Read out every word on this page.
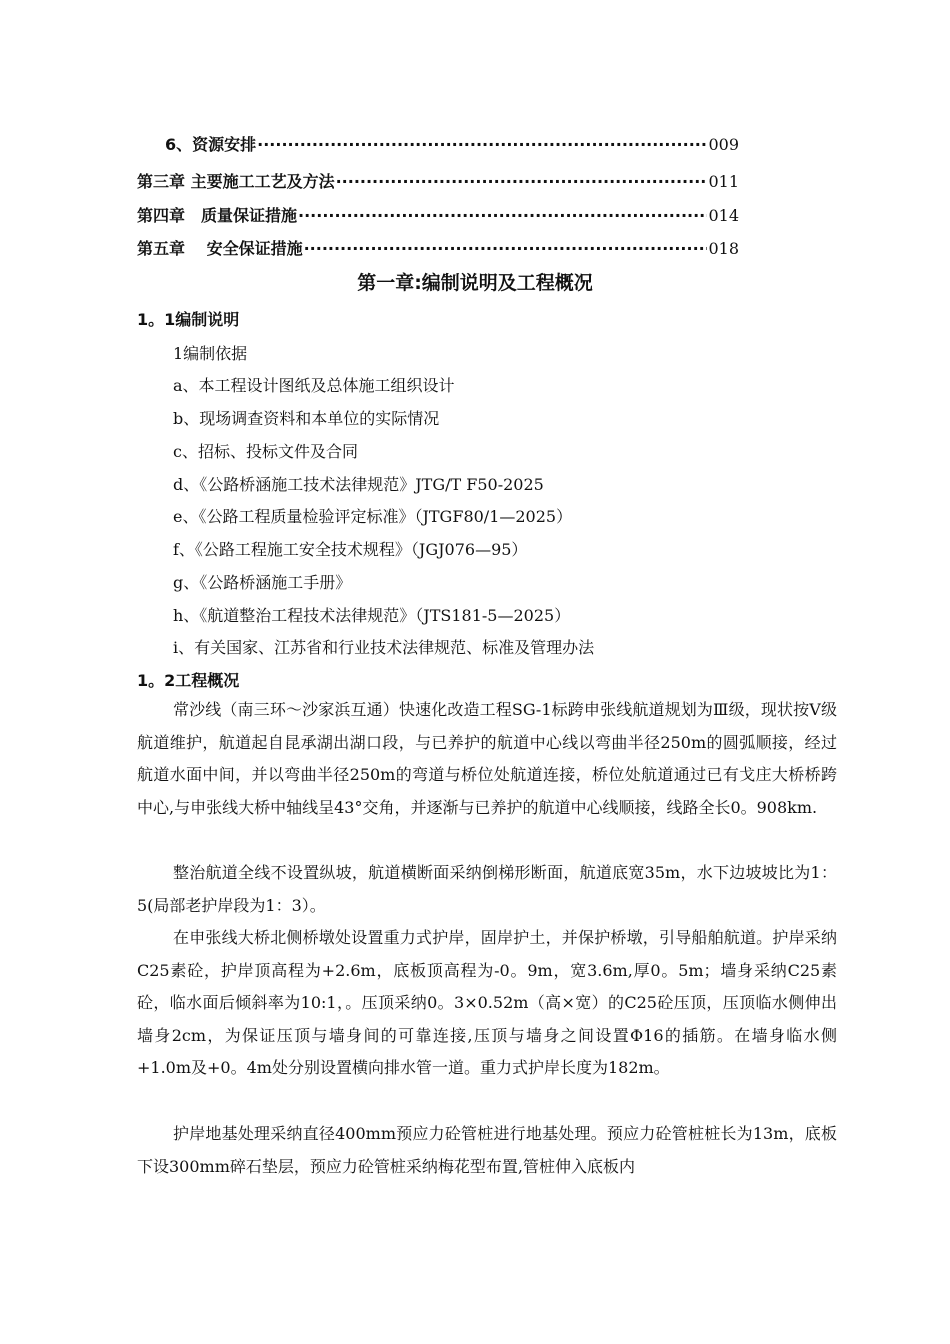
6、资源安排 ·····	009
第三章 主要施工工艺及方法 ·····	011
第四章　质量保证措施 ·····	014
第五章　 安全保证措施 ·····	018
第一章:编制说明及工程概况
1。1编制说明
1编制依据
a、本工程设计图纸及总体施工组织设计
b、现场调查资料和本单位的实际情况
c、招标、投标文件及合同
d、《公路桥涵施工技术法律规范》JTG/T F50-2025
e、《公路工程质量检验评定标准》（JTGF80/1—2025）
f、《公路工程施工安全技术规程》（JGJ076—95）
g、《公路桥涵施工手册》
h、《航道整治工程技术法律规范》（JTS181-5—2025）
i、有关国家、江苏省和行业技术法律规范、标准及管理办法
1。2工程概况

常沙线（南三环～沙家浜互通）快速化改造工程SG-1标跨申张线航道规划为Ⅲ级，现状按Ⅴ级航道维护，航道起自昆承湖出湖口段，与已养护的航道中心线以弯曲半径250m的圆弧顺接，经过航道水面中间，并以弯曲半径250m的弯道与桥位处航道连接，桥位处航道通过已有戈庄大桥桥跨中心,与申张线大桥中轴线呈43°交角，并逐渐与已养护的航道中心线顺接，线路全长0。908km.

整治航道全线不设置纵坡，航道横断面采纳倒梯形断面，航道底宽35m，水下边坡坡比为1：5(局部老护岸段为1：3）。

在申张线大桥北侧桥墩处设置重力式护岸，固岸护土，并保护桥墩，引导船舶航道。护岸采纳C25素砼，护岸顶高程为+2.6m，底板顶高程为-0。9m，宽3.6m,厚0。5m；墙身采纳C25素砼，临水面后倾斜率为10:1，。压顶采纳0。3×0.52m（高×宽）的C25砼压顶，压顶临水侧伸出墙身2cm，为保证压顶与墙身间的可靠连接,压顶与墙身之间设置Φ16的插筋。在墙身临水侧+1.0m及+0。4m处分别设置横向排水管一道。重力式护岸长度为182m。

护岸地基处理采纳直径400mm预应力砼管桩进行地基处理。预应力砼管桩桩长为13m，底板下设300mm碎石垫层，预应力砼管桩采纳梅花型布置,管桩伸入底板内
